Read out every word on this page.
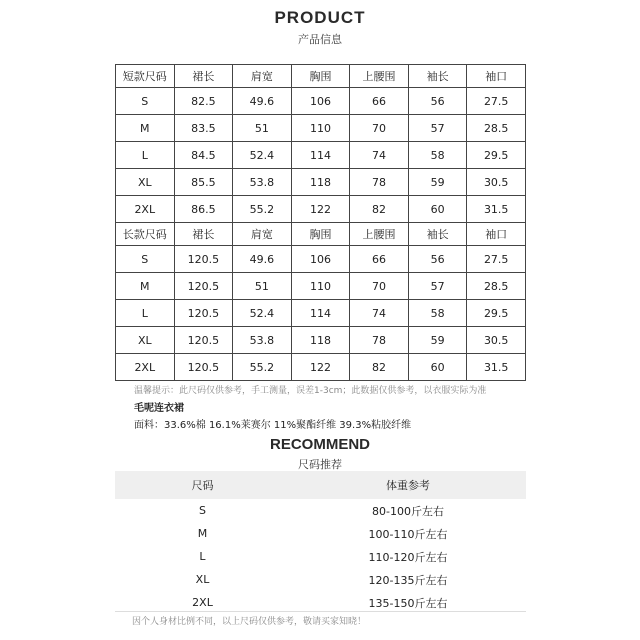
PRODUCT
产品信息
短款尺码	裙长	肩宽	胸围	上腰围	袖长	袖口
S	82.5	49.6	106	66	56	27.5
M	83.5	51	110	70	57	28.5
L	84.5	52.4	114	74	58	29.5
XL	85.5	53.8	118	78	59	30.5
2XL	86.5	55.2	122	82	60	31.5
长款尺码	裙长	肩宽	胸围	上腰围	袖长	袖口
S	120.5	49.6	106	66	56	27.5
M	120.5	51	110	70	57	28.5
L	120.5	52.4	114	74	58	29.5
XL	120.5	53.8	118	78	59	30.5
2XL	120.5	55.2	122	82	60	31.5
温馨提示：此尺码仅供参考，手工测量，误差1-3cm；此数据仅供参考，以衣服实际为准
毛呢连衣裙
面料：33.6%棉 16.1%莱赛尔 11%聚酯纤维 39.3%粘胶纤维
RECOMMEND
尺码推荐
尺码	体重参考
S	80-100斤左右
M	100-110斤左右
L	110-120斤左右
XL	120-135斤左右
2XL	135-150斤左右
因个人身材比例不同，以上尺码仅供参考，敬请买家知晓！
